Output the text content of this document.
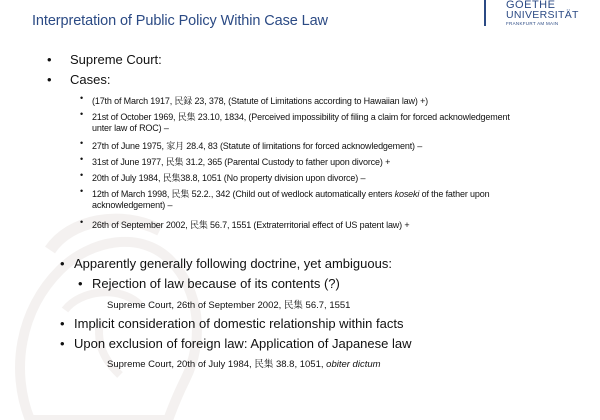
Interpretation of Public Policy Within Case Law
GOETHE
UNIVERSITÄT
FRANKFURT AM MAIN
• Supreme Court:
• Cases:
• (17th of March 1917, 民録 23, 378, (Statute of Limitations according to Hawaiian law) +)
• 21st of October 1969, 民集 23.10, 1834, (Perceived impossibility of filing a claim for forced acknowledgement
unter law of ROC) –
• 27th of June 1975, 家月 28.4, 83 (Statute of limitations for forced acknowledgement) –
• 31st of June 1977, 民集 31.2, 365 (Parental Custody to father upon divorce) +
• 20th of July 1984, 民集38.8, 1051 (No property division upon divorce) –
• 12th of March 1998, 民集 52.2., 342 (Child out of wedlock automatically enters koseki of the father upon
acknowledgement) –
• 26th of September 2002, 民集 56.7, 1551 (Extraterritorial effect of US patent law) +
• Apparently generally following doctrine, yet ambiguous:
• Rejection of law because of its contents (?)
Supreme Court, 26th of September 2002, 民集 56.7, 1551
• Implicit consideration of domestic relationship within facts
• Upon exclusion of foreign law: Application of Japanese law
Supreme Court, 20th of July 1984, 民集 38.8, 1051, obiter dictum
